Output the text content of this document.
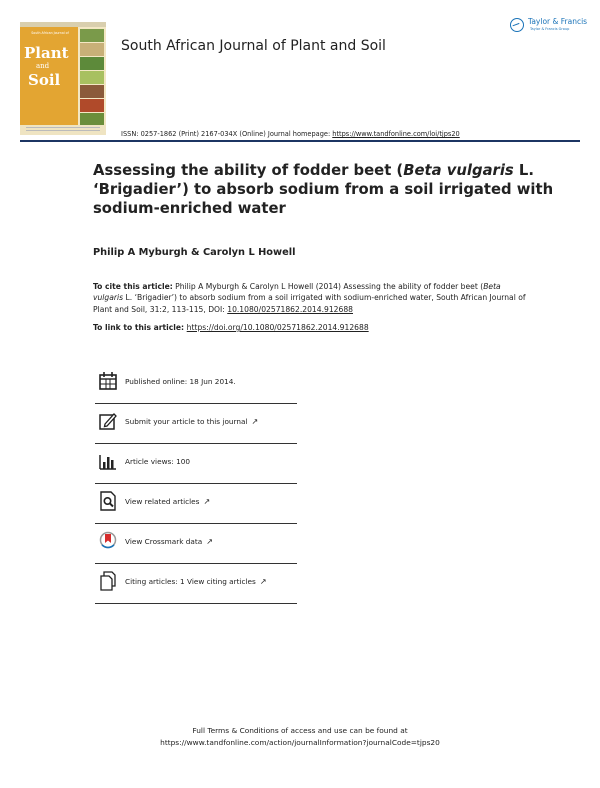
South African Journal of
Plant
and
Soil
South African Journal of Plant and Soil
Taylor & Francis
Taylor & Francis Group
ISSN: 0257-1862 (Print) 2167-034X (Online) Journal homepage: https://www.tandfonline.com/loi/tjps20
Assessing the ability of fodder beet (Beta vulgaris L. ‘Brigadier’) to absorb sodium from a soil irrigated with sodium-enriched water
Philip A Myburgh & Carolyn L Howell
To cite this article: Philip A Myburgh & Carolyn L Howell (2014) Assessing the ability of fodder beet (Beta vulgaris L. ‘Brigadier’) to absorb sodium from a soil irrigated with sodium-enriched water, South African Journal of Plant and Soil, 31:2, 113-115, DOI: 10.1080/02571862.2014.912688
To link to this article: https://doi.org/10.1080/02571862.2014.912688
Published online: 18 Jun 2014.
Submit your article to this journal ↗
Article views: 100
View related articles ↗
View Crossmark data ↗
Citing articles: 1 View citing articles ↗
Full Terms & Conditions of access and use can be found at
https://www.tandfonline.com/action/journalInformation?journalCode=tjps20
